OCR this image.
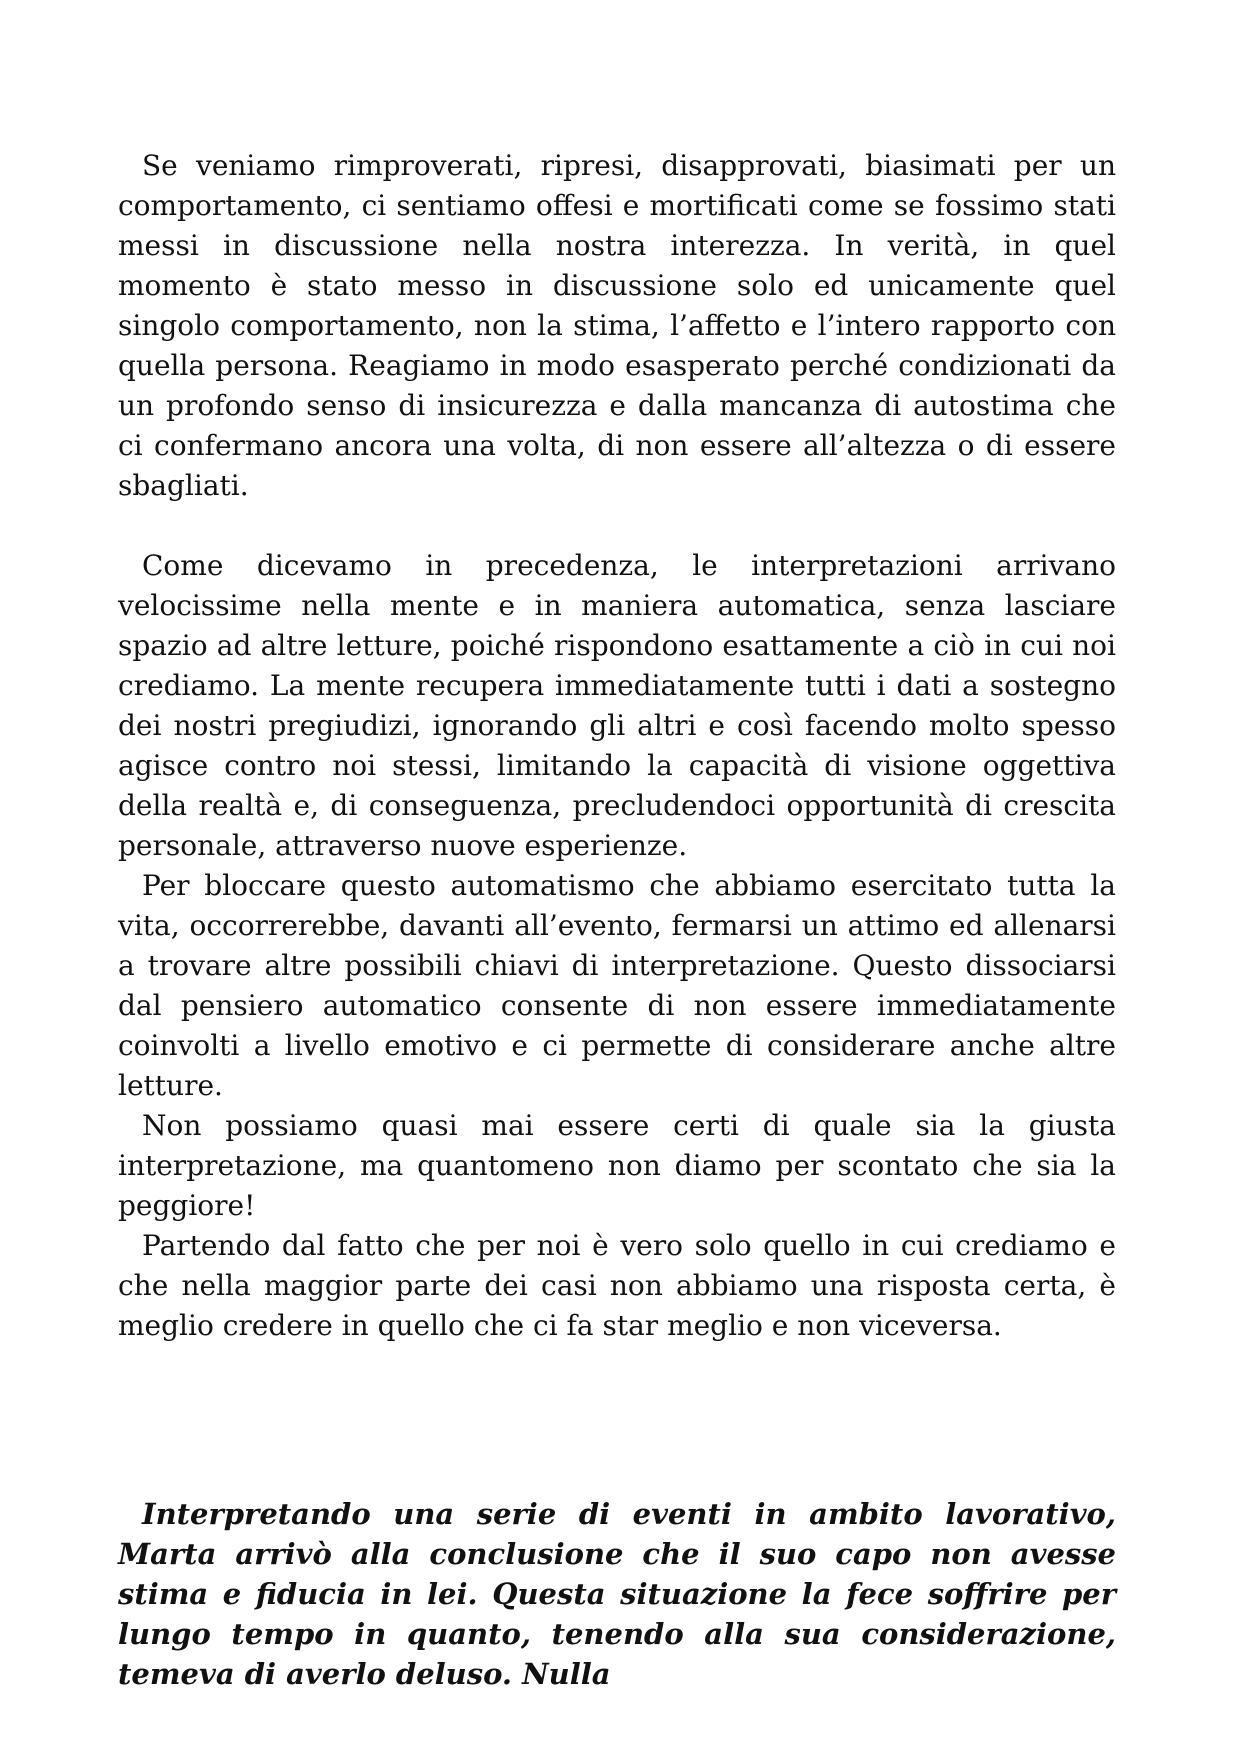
Se veniamo rimproverati, ripresi, disapprovati, biasimati per un comportamento, ci sentiamo offesi e mortificati come se fossimo stati messi in discussione nella nostra interezza. In verità, in quel momento è stato messo in discussione solo ed unicamente quel singolo comportamento, non la stima, l’affetto e l’intero rapporto con quella persona. Reagiamo in modo esasperato perché condizionati da un profondo senso di insicurezza e dalla mancanza di autostima che ci confermano ancora una volta, di non essere all’altezza o di essere sbagliati.

Come dicevamo in precedenza, le interpretazioni arrivano velocissime nella mente e in maniera automatica, senza lasciare spazio ad altre letture, poiché rispondono esattamente a ciò in cui noi crediamo. La mente recupera immediatamente tutti i dati a sostegno dei nostri pregiudizi, ignorando gli altri e così facendo molto spesso agisce contro noi stessi, limitando la capacità di visione oggettiva della realtà e, di conseguenza, precludendoci opportunità di crescita personale, attraverso nuove esperienze.

Per bloccare questo automatismo che abbiamo esercitato tutta la vita, occorrerebbe, davanti all’evento, fermarsi un attimo ed allenarsi a trovare altre possibili chiavi di interpretazione. Questo dissociarsi dal pensiero automatico consente di non essere immediatamente coinvolti a livello emotivo e ci permette di considerare anche altre letture.

Non possiamo quasi mai essere certi di quale sia la giusta interpretazione, ma quantomeno non diamo per scontato che sia la peggiore!

Partendo dal fatto che per noi è vero solo quello in cui crediamo e che nella maggior parte dei casi non abbiamo una risposta certa, è meglio credere in quello che ci fa star meglio e non viceversa.

Interpretando una serie di eventi in ambito lavorativo, Marta arrivò alla conclusione che il suo capo non avesse stima e fiducia in lei. Questa situazione la fece soffrire per lungo tempo in quanto, tenendo alla sua considerazione, temeva di averlo deluso. Nulla
